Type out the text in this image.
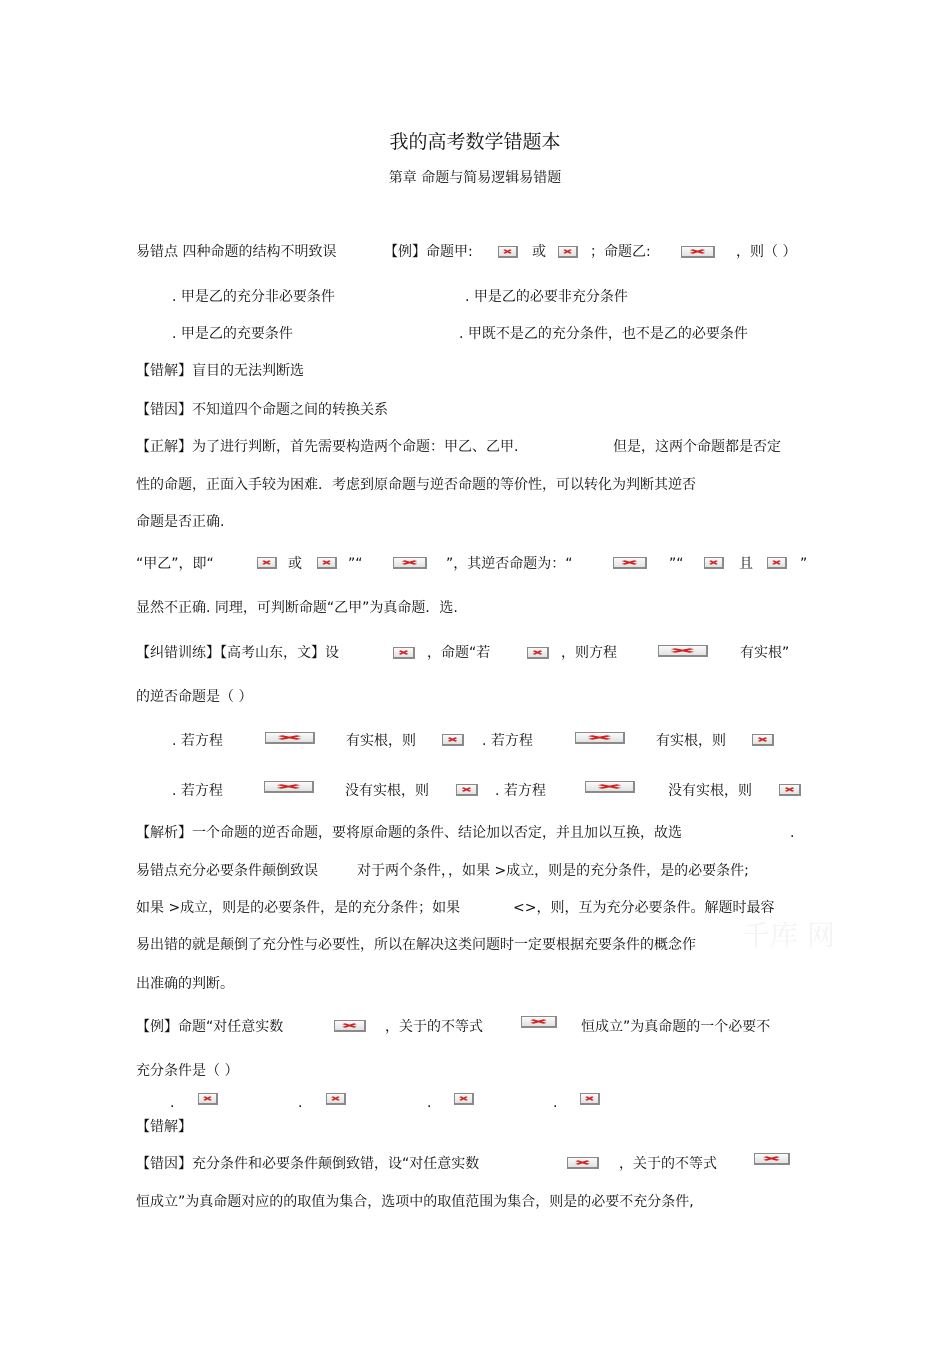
我的高考数学错题本
第章 命题与简易逻辑易错题
易错点 四种命题的结构不明致误	【例】命题甲:	或	；命题乙:	，则（ ）
. 甲是乙的充分非必要条件	. 甲是乙的必要非充分条件
. 甲是乙的充要条件	. 甲既不是乙的充分条件，也不是乙的必要条件
【错解】盲目的无法判断选
【错因】不知道四个命题之间的转换关系
【正解】为了进行判断，首先需要构造两个命题：甲乙、乙甲.	但是，这两个命题都是否定
性的命题，正面入手较为困难．考虑到原命题与逆否命题的等价性，可以转化为判断其逆否
命题是否正确.
“甲乙”，即“	或	”“	”，其逆否命题为：“	”“	且	”
显然不正确. 同理，可判断命题“乙甲”为真命题．选.
【纠错训练】【高考山东，文】设	，命题“若	，则方程	有实根”
的逆否命题是（ ）
. 若方程	有实根，则	. 若方程	有实根，则
. 若方程	没有实根，则	. 若方程	没有实根，则
【解析】一个命题的逆否命题，要将原命题的条件、结论加以否定，并且加以互换，故选	.
易错点充分必要条件颠倒致误	对于两个条件，，如果 >成立，则是的充分条件，是的必要条件;
如果 >成立，则是的必要条件，是的充分条件；如果	<>，则，互为充分必要条件。解题时最容
易出错的就是颠倒了充分性与必要性，所以在解决这类问题时一定要根据充要条件的概念作
出准确的判断。
【例】命题“对任意实数	，关于的不等式	恒成立”为真命题的一个必要不
充分条件是（ ）
.	.	.	.
【错解】
【错因】充分条件和必要条件颠倒致错，设“对任意实数	，关于的不等式
恒成立”为真命题对应的的取值为集合，选项中的取值范围为集合，则是的必要不充分条件,
千库 网
